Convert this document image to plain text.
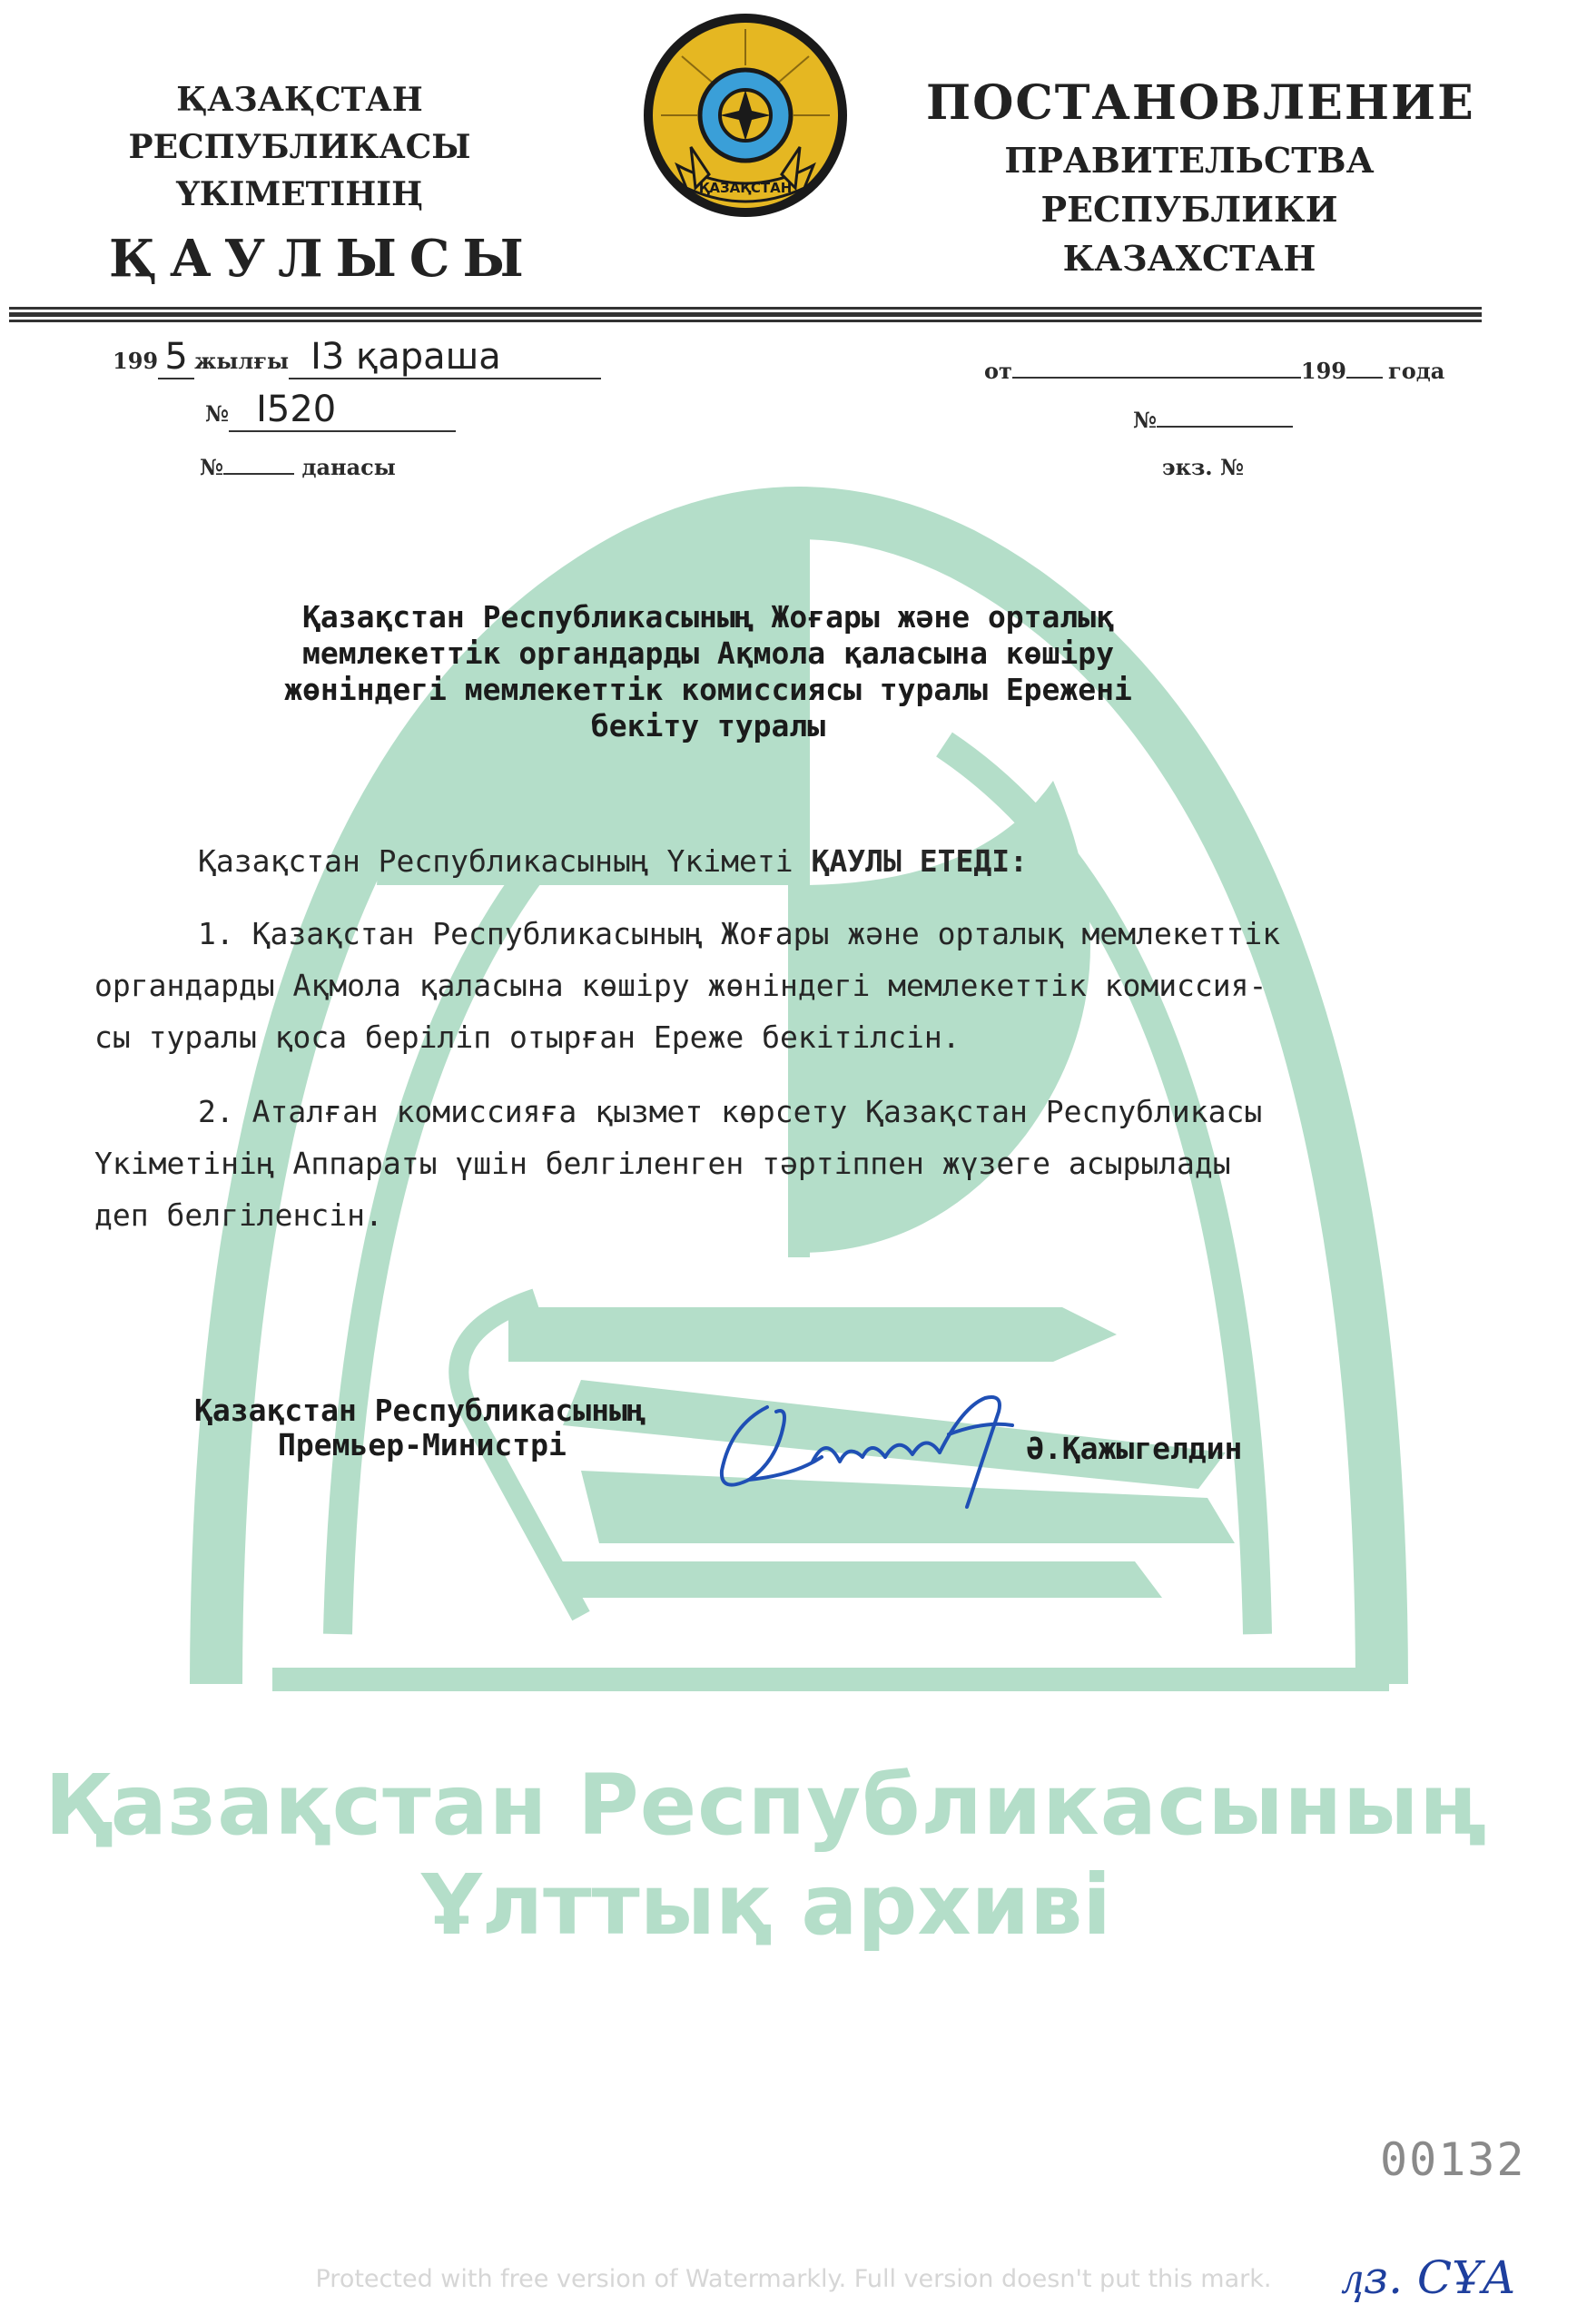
Қазақстан Республикасының
Ұлттық архиві
ҚАЗАҚСТАН
РЕСПУБЛИКАСЫ
ҮКІМЕТІНІҢ
ҚАУЛЫСЫ
ҚАЗАҚСТАН
ПОСТАНОВЛЕНИЕ
ПРАВИТЕЛЬСТВА
РЕСПУБЛИКИ
КАЗАХСТАН
199 5 жылғы I3 қараша
№ I520
№	данасы
от	199 года
№
экз. №
Қазақстан Республикасының Жоғары және орталық
мемлекеттік органдарды Ақмола қаласына көшіру
жөніндегі мемлекеттік комиссиясы туралы Ережені
бекіту туралы
Қазақстан Республикасының Үкіметі ҚАУЛЫ ЕТЕДІ:
1. Қазақстан Республикасының Жоғары және орталық мемлекеттік
органдарды Ақмола қаласына көшіру жөніндегі мемлекеттік комиссия-
сы туралы қоса беріліп отырған Ереже бекітілсін.
2. Аталған комиссияға қызмет көрсету Қазақстан Республикасы
Үкіметінің Аппараты үшін белгіленген тәртіппен жүзеге асырылады
деп белгіленсін.
Қазақстан Республикасының
Премьер-Министрі	Ә.Қажыгелдин
00132
Protected with free version of Watermarkly. Full version doesn't put this mark.	ӆз. СҰА
